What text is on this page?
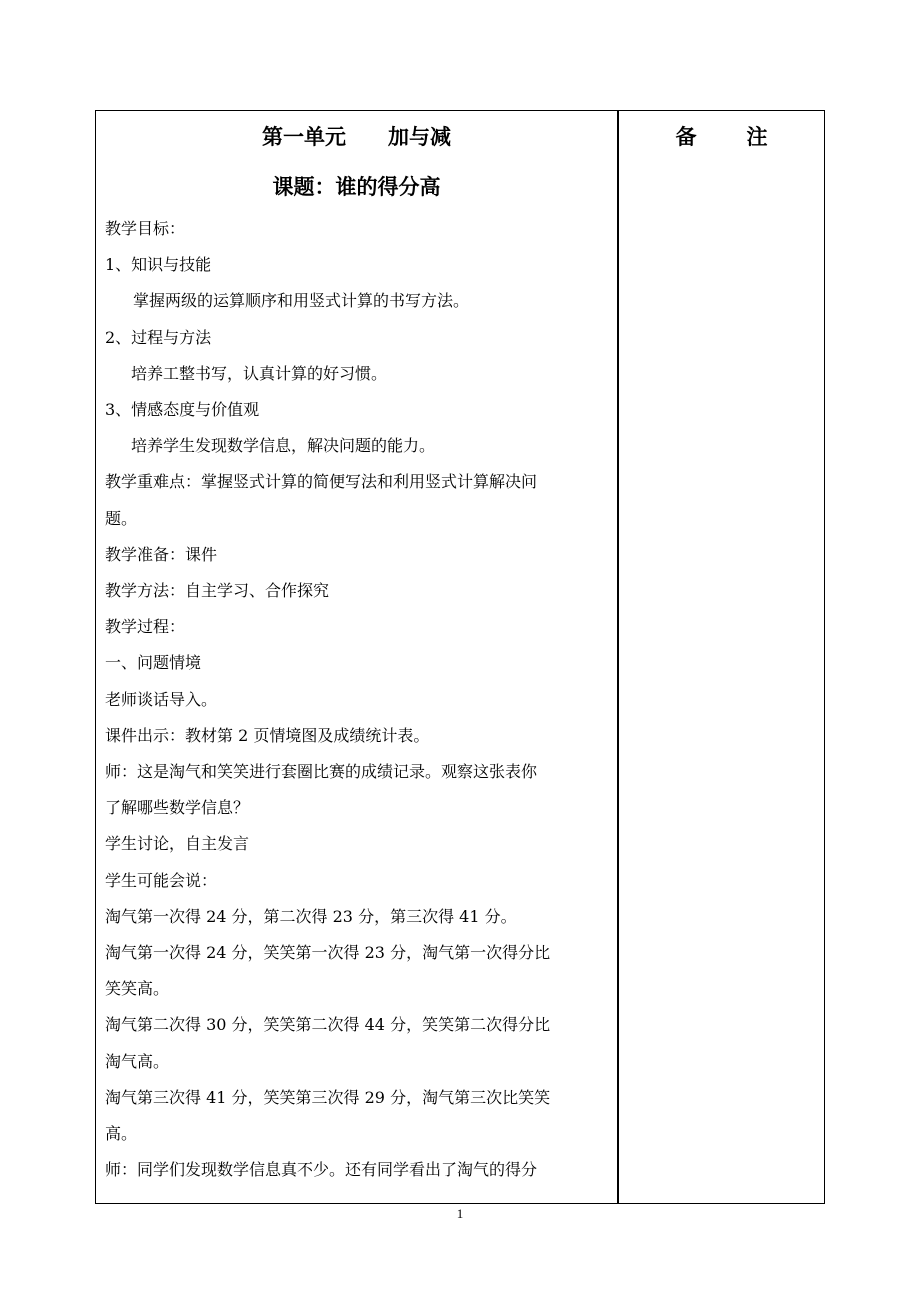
第一单元　　加与减
课题：谁的得分高

教学目标：

1、知识与技能

掌握两级的运算顺序和用竖式计算的书写方法。

2、过程与方法

培养工整书写，认真计算的好习惯。

3、情感态度与价值观

培养学生发现数学信息，解决问题的能力。

教学重难点：掌握竖式计算的简便写法和利用竖式计算解决问

题。

教学准备：课件

教学方法：自主学习、合作探究

教学过程：

一、问题情境

老师谈话导入。

课件出示：教材第 2 页情境图及成绩统计表。

师：这是淘气和笑笑进行套圈比赛的成绩记录。观察这张表你

了解哪些数学信息？

学生讨论，自主发言

学生可能会说：

淘气第一次得 24 分，第二次得 23 分，第三次得 41 分。

淘气第一次得 24 分，笑笑第一次得 23 分，淘气第一次得分比

笑笑高。

淘气第二次得 30 分，笑笑第二次得 44 分，笑笑第二次得分比

淘气高。

淘气第三次得 41 分，笑笑第三次得 29 分，淘气第三次比笑笑

高。

师：同学们发现数学信息真不少。还有同学看出了淘气的得分

备注
1
